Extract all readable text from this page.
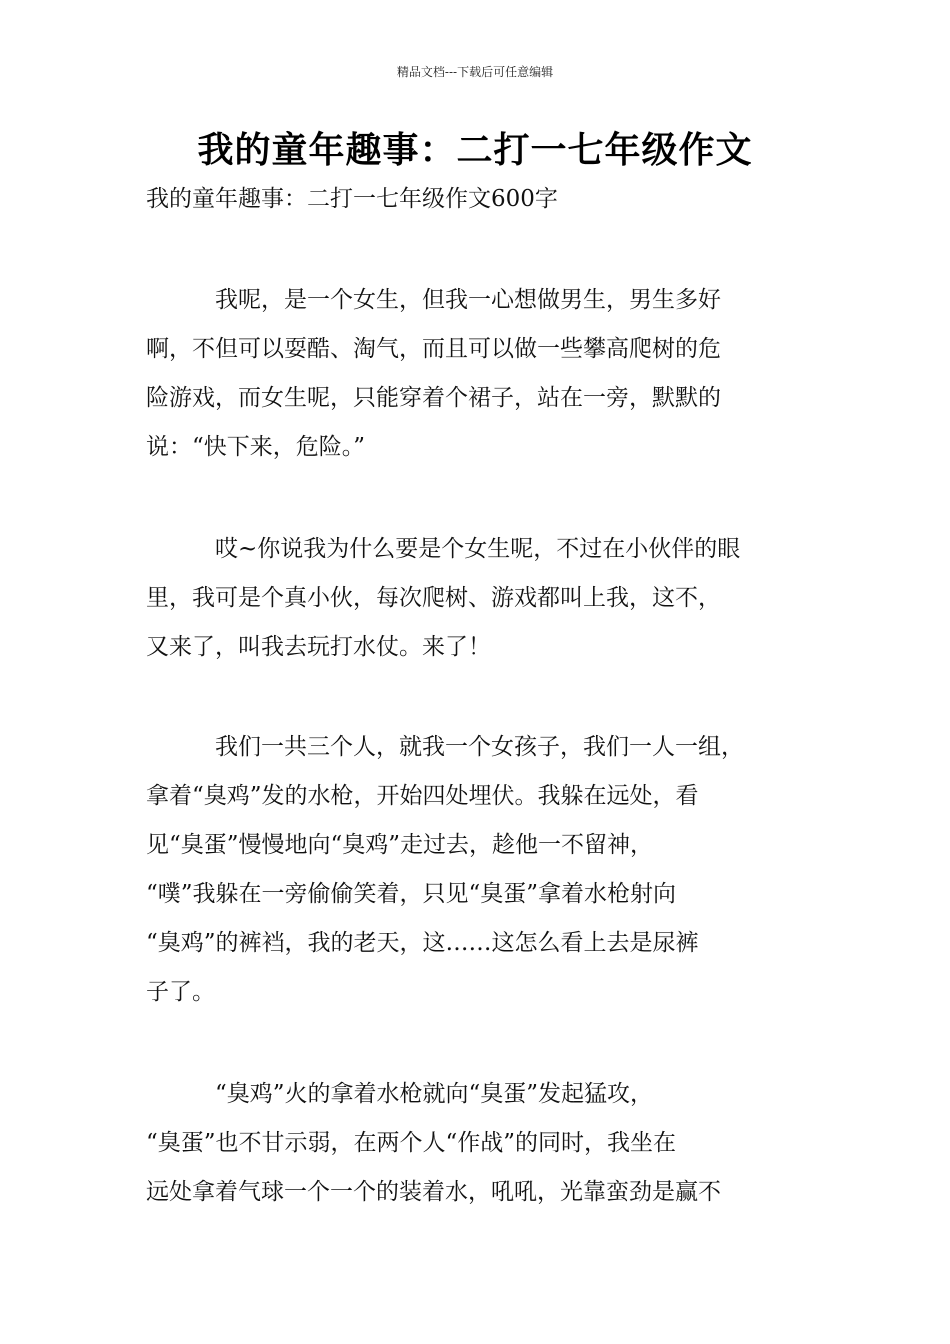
精品文档---下载后可任意编辑
我的童年趣事：二打一七年级作文
我的童年趣事：二打一七年级作文600字
　　　我呢，是一个女生，但我一心想做男生，男生多好
啊，不但可以耍酷、淘气，而且可以做一些攀高爬树的危
险游戏，而女生呢，只能穿着个裙子，站在一旁，默默的
说：“快下来，危险。”
　　　哎~你说我为什么要是个女生呢，不过在小伙伴的眼
里，我可是个真小伙，每次爬树、游戏都叫上我，这不，
又来了，叫我去玩打水仗。来了！
　　　我们一共三个人，就我一个女孩子，我们一人一组，
拿着“臭鸡”发的水枪，开始四处埋伏。我躲在远处，看
见“臭蛋”慢慢地向“臭鸡”走过去，趁他一不留神，
“噗”我躲在一旁偷偷笑着，只见“臭蛋”拿着水枪射向
“臭鸡”的裤裆，我的老天，这……这怎么看上去是尿裤
子了。
　　　“臭鸡”火的拿着水枪就向“臭蛋”发起猛攻，
“臭蛋”也不甘示弱，在两个人“作战”的同时，我坐在
远处拿着气球一个一个的装着水，吼吼，光靠蛮劲是赢不
